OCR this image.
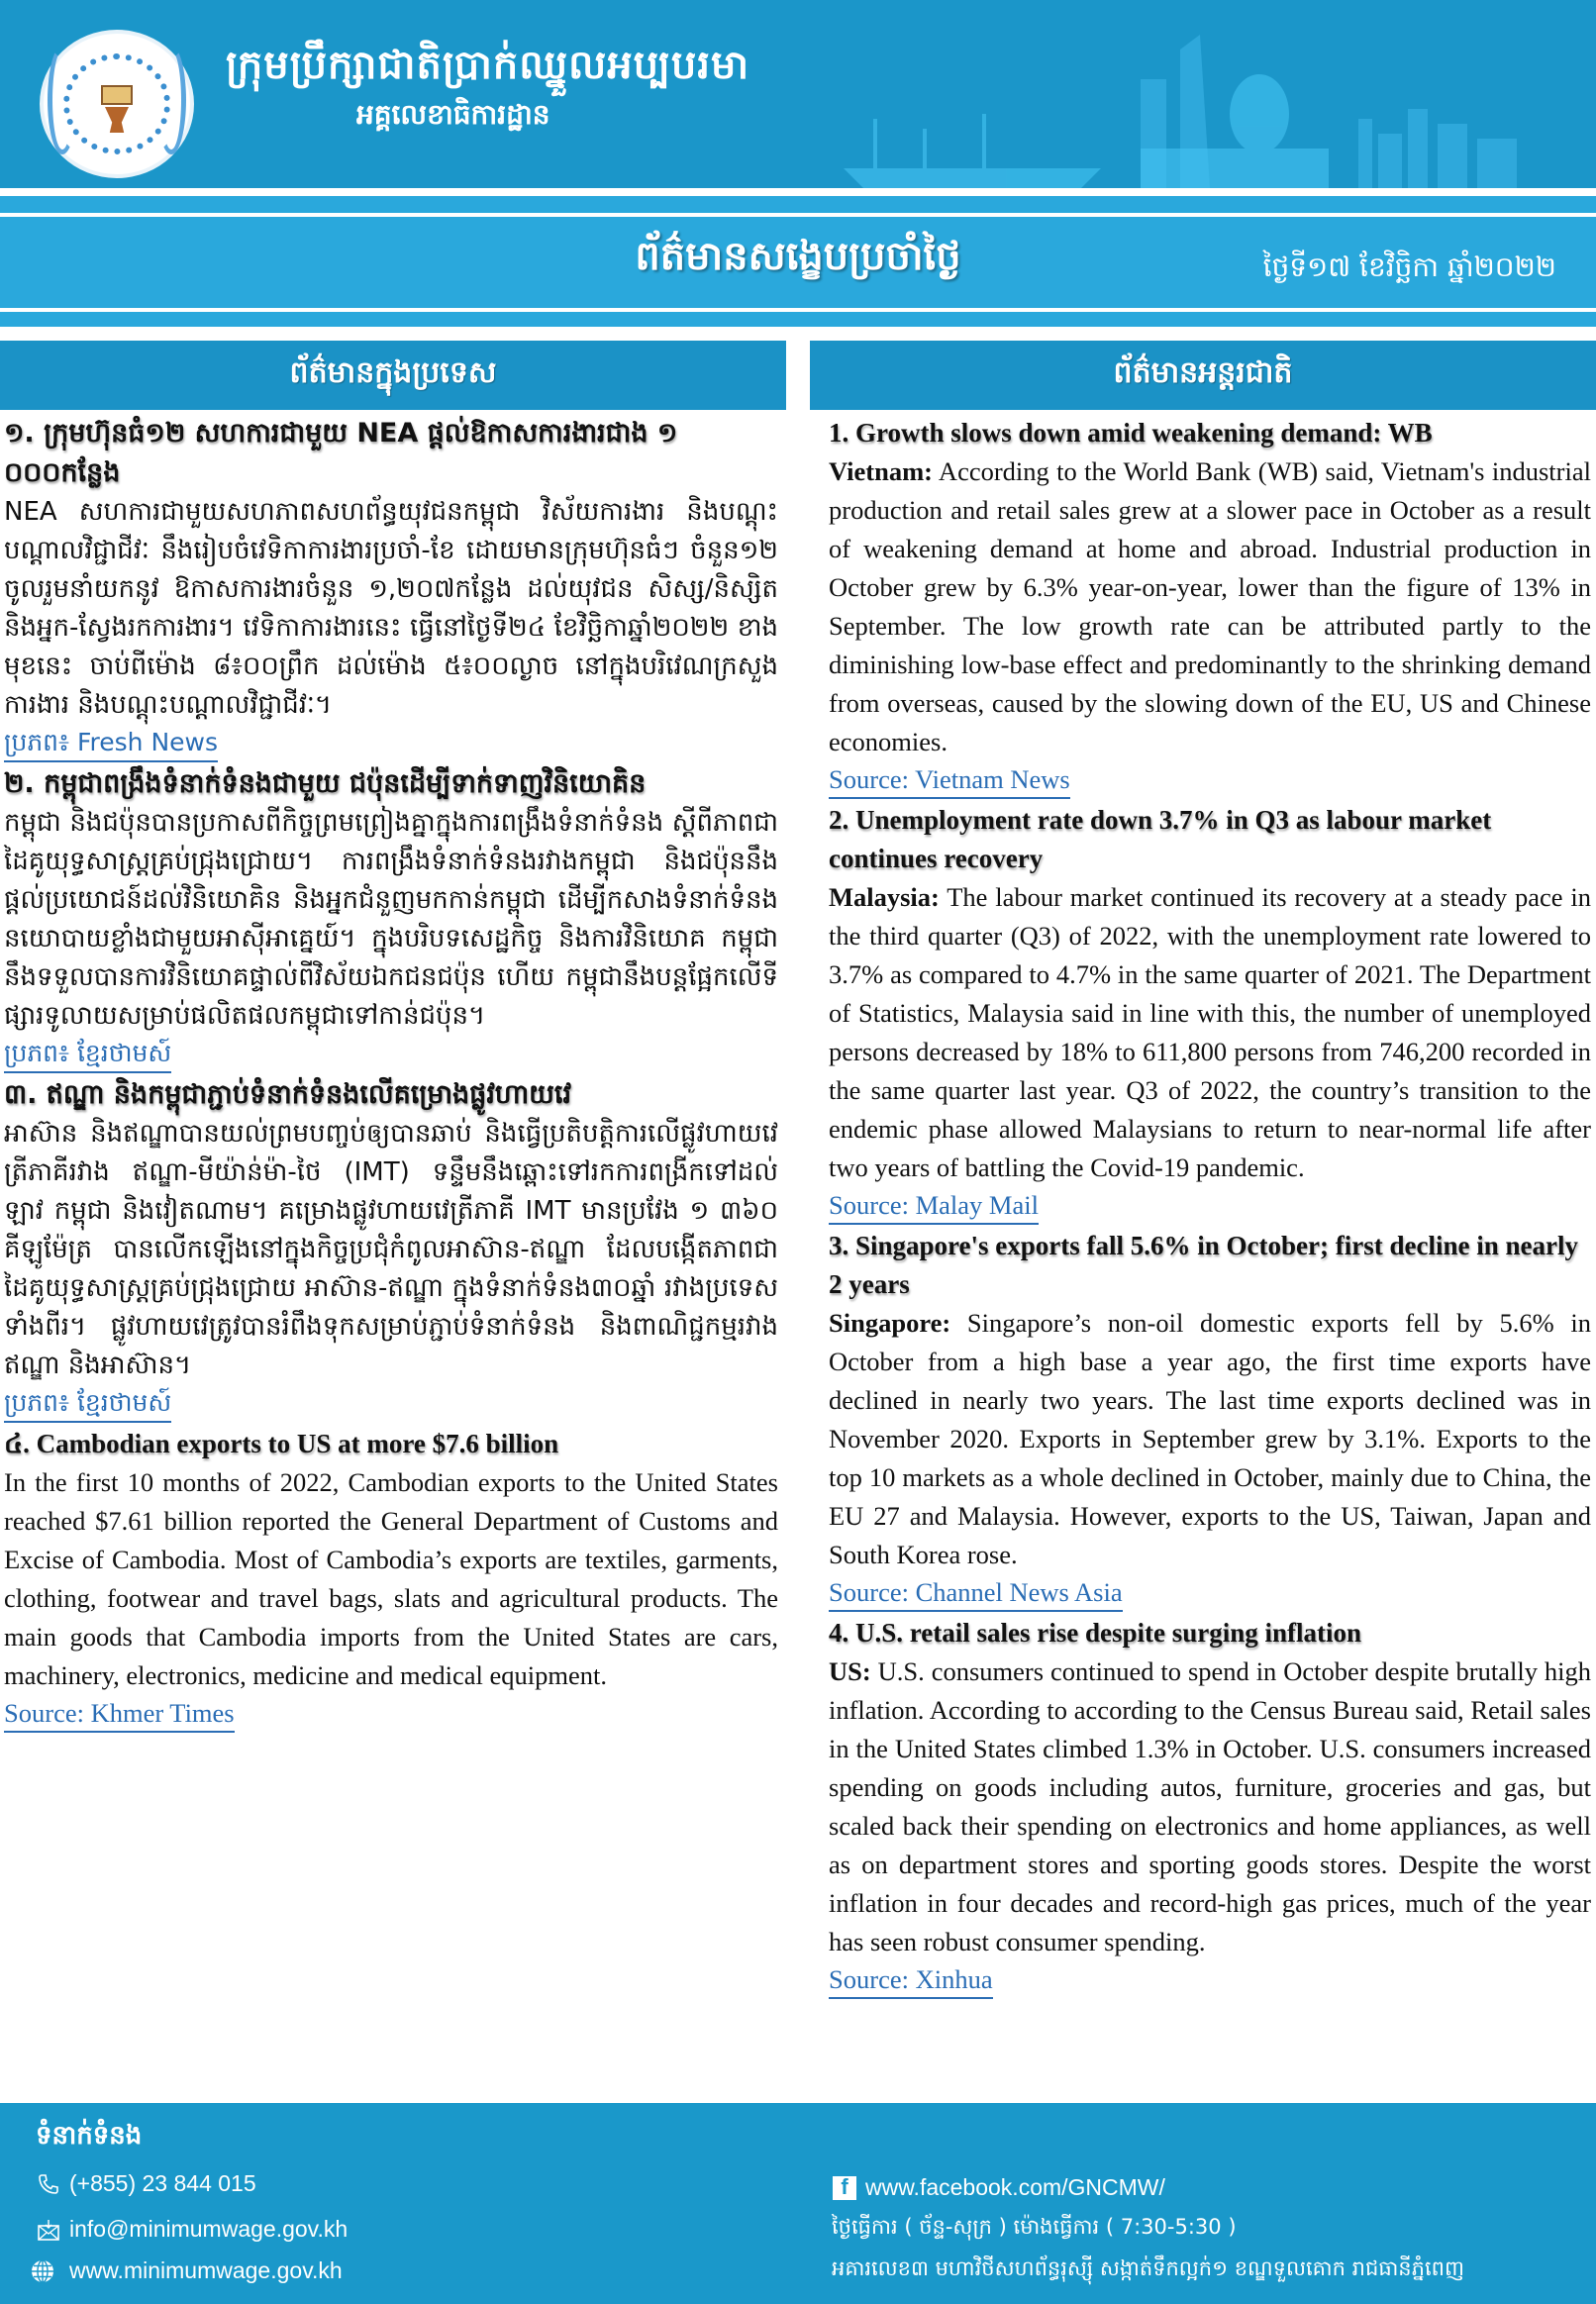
ក្រុមប្រឹក្សាជាតិប្រាក់ឈ្នួលអប្បបរមា
អគ្គលេខាធិការដ្ឋាន
ព័ត៌មានសង្ខេបប្រចាំថ្ងៃ	ថ្ងៃទី១៧ ខែវិច្ឆិកា ឆ្នាំ២០២២
ព័ត៌មានក្នុងប្រទេស	ព័ត៌មានអន្តរជាតិ
១. ក្រុមហ៊ុនធំ១២ សហការជាមួយ NEA ផ្តល់ឱកាសការងារជាង ១ ០០០កន្លែង
NEA សហការជាមួយសហភាពសហព័ន្ធយុវជនកម្ពុជា វិស័យការងារ និងបណ្តុះបណ្តាលវិជ្ជាជីវៈ នឹងរៀបចំវេទិកាការងារប្រចាំ-ខែ ដោយមានក្រុមហ៊ុនធំៗ ចំនួន១២ ចូលរួមនាំយកនូវ ឱកាសការងារចំនួន ១,២០៧កន្លែង ដល់យុវជន សិស្ស/និស្សិត និងអ្នក-ស្វែងរកការងារ។ វេទិកាការងារនេះ ធ្វើនៅថ្ងៃទី២៤ ខែវិច្ឆិកាឆ្នាំ២០២២ ខាងមុខនេះ ចាប់ពីម៉ោង ៨៖០០ព្រឹក ដល់ម៉ោង ៥៖០០ល្ងាច នៅក្នុងបរិវេណក្រសួងការងារ និងបណ្តុះបណ្តាលវិជ្ជាជីវៈ។
ប្រភព៖ Fresh News
២. កម្ពុជាពង្រឹងទំនាក់ទំនងជាមួយ ជប៉ុនដើម្បីទាក់ទាញវិនិយោគិន
កម្ពុជា និងជប៉ុនបានប្រកាសពីកិច្ចព្រមព្រៀងគ្នាក្នុងការពង្រឹងទំនាក់ទំនង ស្តីពីភាពជាដៃគូយុទ្ធសាស្ត្រគ្រប់ជ្រុងជ្រោយ។ ការពង្រឹងទំនាក់ទំនងរវាងកម្ពុជា និងជប៉ុននឹងផ្តល់ប្រយោជន៍ដល់វិនិយោគិន និងអ្នកជំនួញមកកាន់កម្ពុជា ដើម្បីកសាងទំនាក់ទំនងនយោបាយខ្លាំងជាមួយអាស៊ីអាគ្នេយ៍។ ក្នុងបរិបទសេដ្ឋកិច្ច និងការវិនិយោគ កម្ពុជានឹងទទួលបានការវិនិយោគផ្ទាល់ពីវិស័យឯកជនជប៉ុន ហើយ កម្ពុជានឹងបន្តផ្អែកលើទីផ្សារទូលាយសម្រាប់ផលិតផលកម្ពុជាទៅកាន់ជប៉ុន។
ប្រភព៖ ខ្មែរថាមស៍
៣. ឥណ្ឌា និងកម្ពុជាភ្ជាប់ទំនាក់ទំនងលើគម្រោងផ្លូវហាយវេ
អាស៊ាន និងឥណ្ឌាបានយល់ព្រមបញ្ចប់ឲ្យបានឆាប់ និងធ្វើប្រតិបត្តិការលើផ្លូវហាយវេត្រីភាគីរវាង ឥណ្ឌា-មីយ៉ាន់ម៉ា-ថៃ (IMT) ទន្ទឹមនឹងឆ្ពោះទៅរកការពង្រីកទៅដល់ ឡាវ កម្ពុជា និងវៀតណាម។ គម្រោងផ្លូវហាយវេត្រីភាគី IMT មានប្រវែង ១ ៣៦០ គីឡូម៉ែត្រ បានលើកឡើងនៅក្នុងកិច្ចប្រជុំកំពូលអាស៊ាន-ឥណ្ឌា ដែលបង្កើតភាពជាដៃគូយុទ្ធសាស្ត្រគ្រប់ជ្រុងជ្រោយ អាស៊ាន-ឥណ្ឌា ក្នុងទំនាក់ទំនង៣០ឆ្នាំ រវាងប្រទេសទាំងពីរ។ ផ្លូវហាយវេត្រូវបានរំពឹងទុកសម្រាប់ភ្ជាប់ទំនាក់ទំនង និងពាណិជ្ជកម្មរវាងឥណ្ឌា និងអាស៊ាន។
ប្រភព៖ ខ្មែរថាមស៍
៤. Cambodian exports to US at more $7.6 billion
In the first 10 months of 2022, Cambodian exports to the United States reached $7.61 billion reported the General Department of Customs and Excise of Cambodia. Most of Cambodia’s exports are textiles, garments, clothing, footwear and travel bags, slats and agricultural products. The main goods that Cambodia imports from the United States are cars, machinery, electronics, medicine and medical equipment.
Source: Khmer Times
1. Growth slows down amid weakening demand: WB
Vietnam: According to the World Bank (WB) said, Vietnam's industrial production and retail sales grew at a slower pace in October as a result of weakening demand at home and abroad. Industrial production in October grew by 6.3% year-on-year, lower than the figure of 13% in September. The low growth rate can be attributed partly to the diminishing low-base effect and predominantly to the shrinking demand from overseas, caused by the slowing down of the EU, US and Chinese economies.
Source: Vietnam News
2. Unemployment rate down 3.7% in Q3 as labour market continues recovery
Malaysia: The labour market continued its recovery at a steady pace in the third quarter (Q3) of 2022, with the unemployment rate lowered to 3.7% as compared to 4.7% in the same quarter of 2021. The Department of Statistics, Malaysia said in line with this, the number of unemployed persons decreased by 18% to 611,800 persons from 746,200 recorded in the same quarter last year. Q3 of 2022, the country’s transition to the endemic phase allowed Malaysians to return to near-normal life after two years of battling the Covid-19 pandemic.
Source: Malay Mail
3. Singapore's exports fall 5.6% in October; first decline in nearly 2 years
Singapore: Singapore’s non-oil domestic exports fell by 5.6% in October from a high base a year ago, the first time exports have declined in nearly two years. The last time exports declined was in November 2020. Exports in September grew by 3.1%. Exports to the top 10 markets as a whole declined in October, mainly due to China, the EU 27 and Malaysia. However, exports to the US, Taiwan, Japan and South Korea rose.
Source: Channel News Asia
4. U.S. retail sales rise despite surging inflation
US: U.S. consumers continued to spend in October despite brutally high inflation. According to according to the Census Bureau said, Retail sales in the United States climbed 1.3% in October. U.S. consumers increased spending on goods including autos, furniture, groceries and gas, but scaled back their spending on electronics and home appliances, as well as on department stores and sporting goods stores. Despite the worst inflation in four decades and record-high gas prices, much of the year has seen robust consumer spending.
Source: Xinhua
ទំនាក់ទំនង
(+855) 23 844 015
info@minimumwage.gov.kh
www.minimumwage.gov.kh
f www.facebook.com/GNCMW/
ថ្ងៃធ្វើការ ( ច័ន្ទ-សុក្រ ) ម៉ោងធ្វើការ ( 7:30-5:30 )
អគារលេខ៣ មហាវិថីសហព័ន្ធរុស្ស៊ី សង្កាត់ទឹកល្អក់១ ខណ្ឌទួលគោក រាជធានីភ្នំពេញ
